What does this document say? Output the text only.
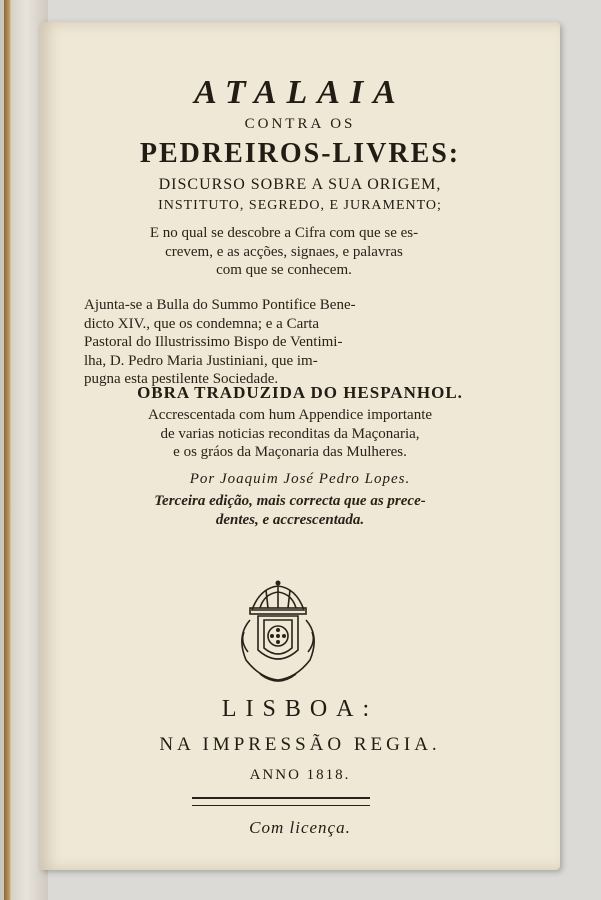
ATALAIA
CONTRA OS
PEDREIROS-LIVRES:
DISCURSO SOBRE A SUA ORIGEM,
INSTITUTO, SEGREDO, E JURAMENTO;
E no qual se descobre a Cifra com que se es-
crevem, e as acções, signaes, e palavras
com que se conhecem.
Ajunta-se a Bulla do Summo Pontifice Bene-
dicto XIV., que os condemna; e a Carta
Pastoral do Illustrissimo Bispo de Ventimi-
lha, D. Pedro Maria Justiniani, que im-
pugna esta pestilente Sociedade.
OBRA TRADUZIDA DO HESPANHOL.
Accrescentada com hum Appendice importante
de varias noticias reconditas da Maçonaria,
e os gráos da Maçonaria das Mulheres.
Por Joaquim José Pedro Lopes.
Terceira edição, mais correcta que as prece-
dentes, e accrescentada.
LISBOA:
NA IMPRESSÃO REGIA.
ANNO 1818.
Com licença.
